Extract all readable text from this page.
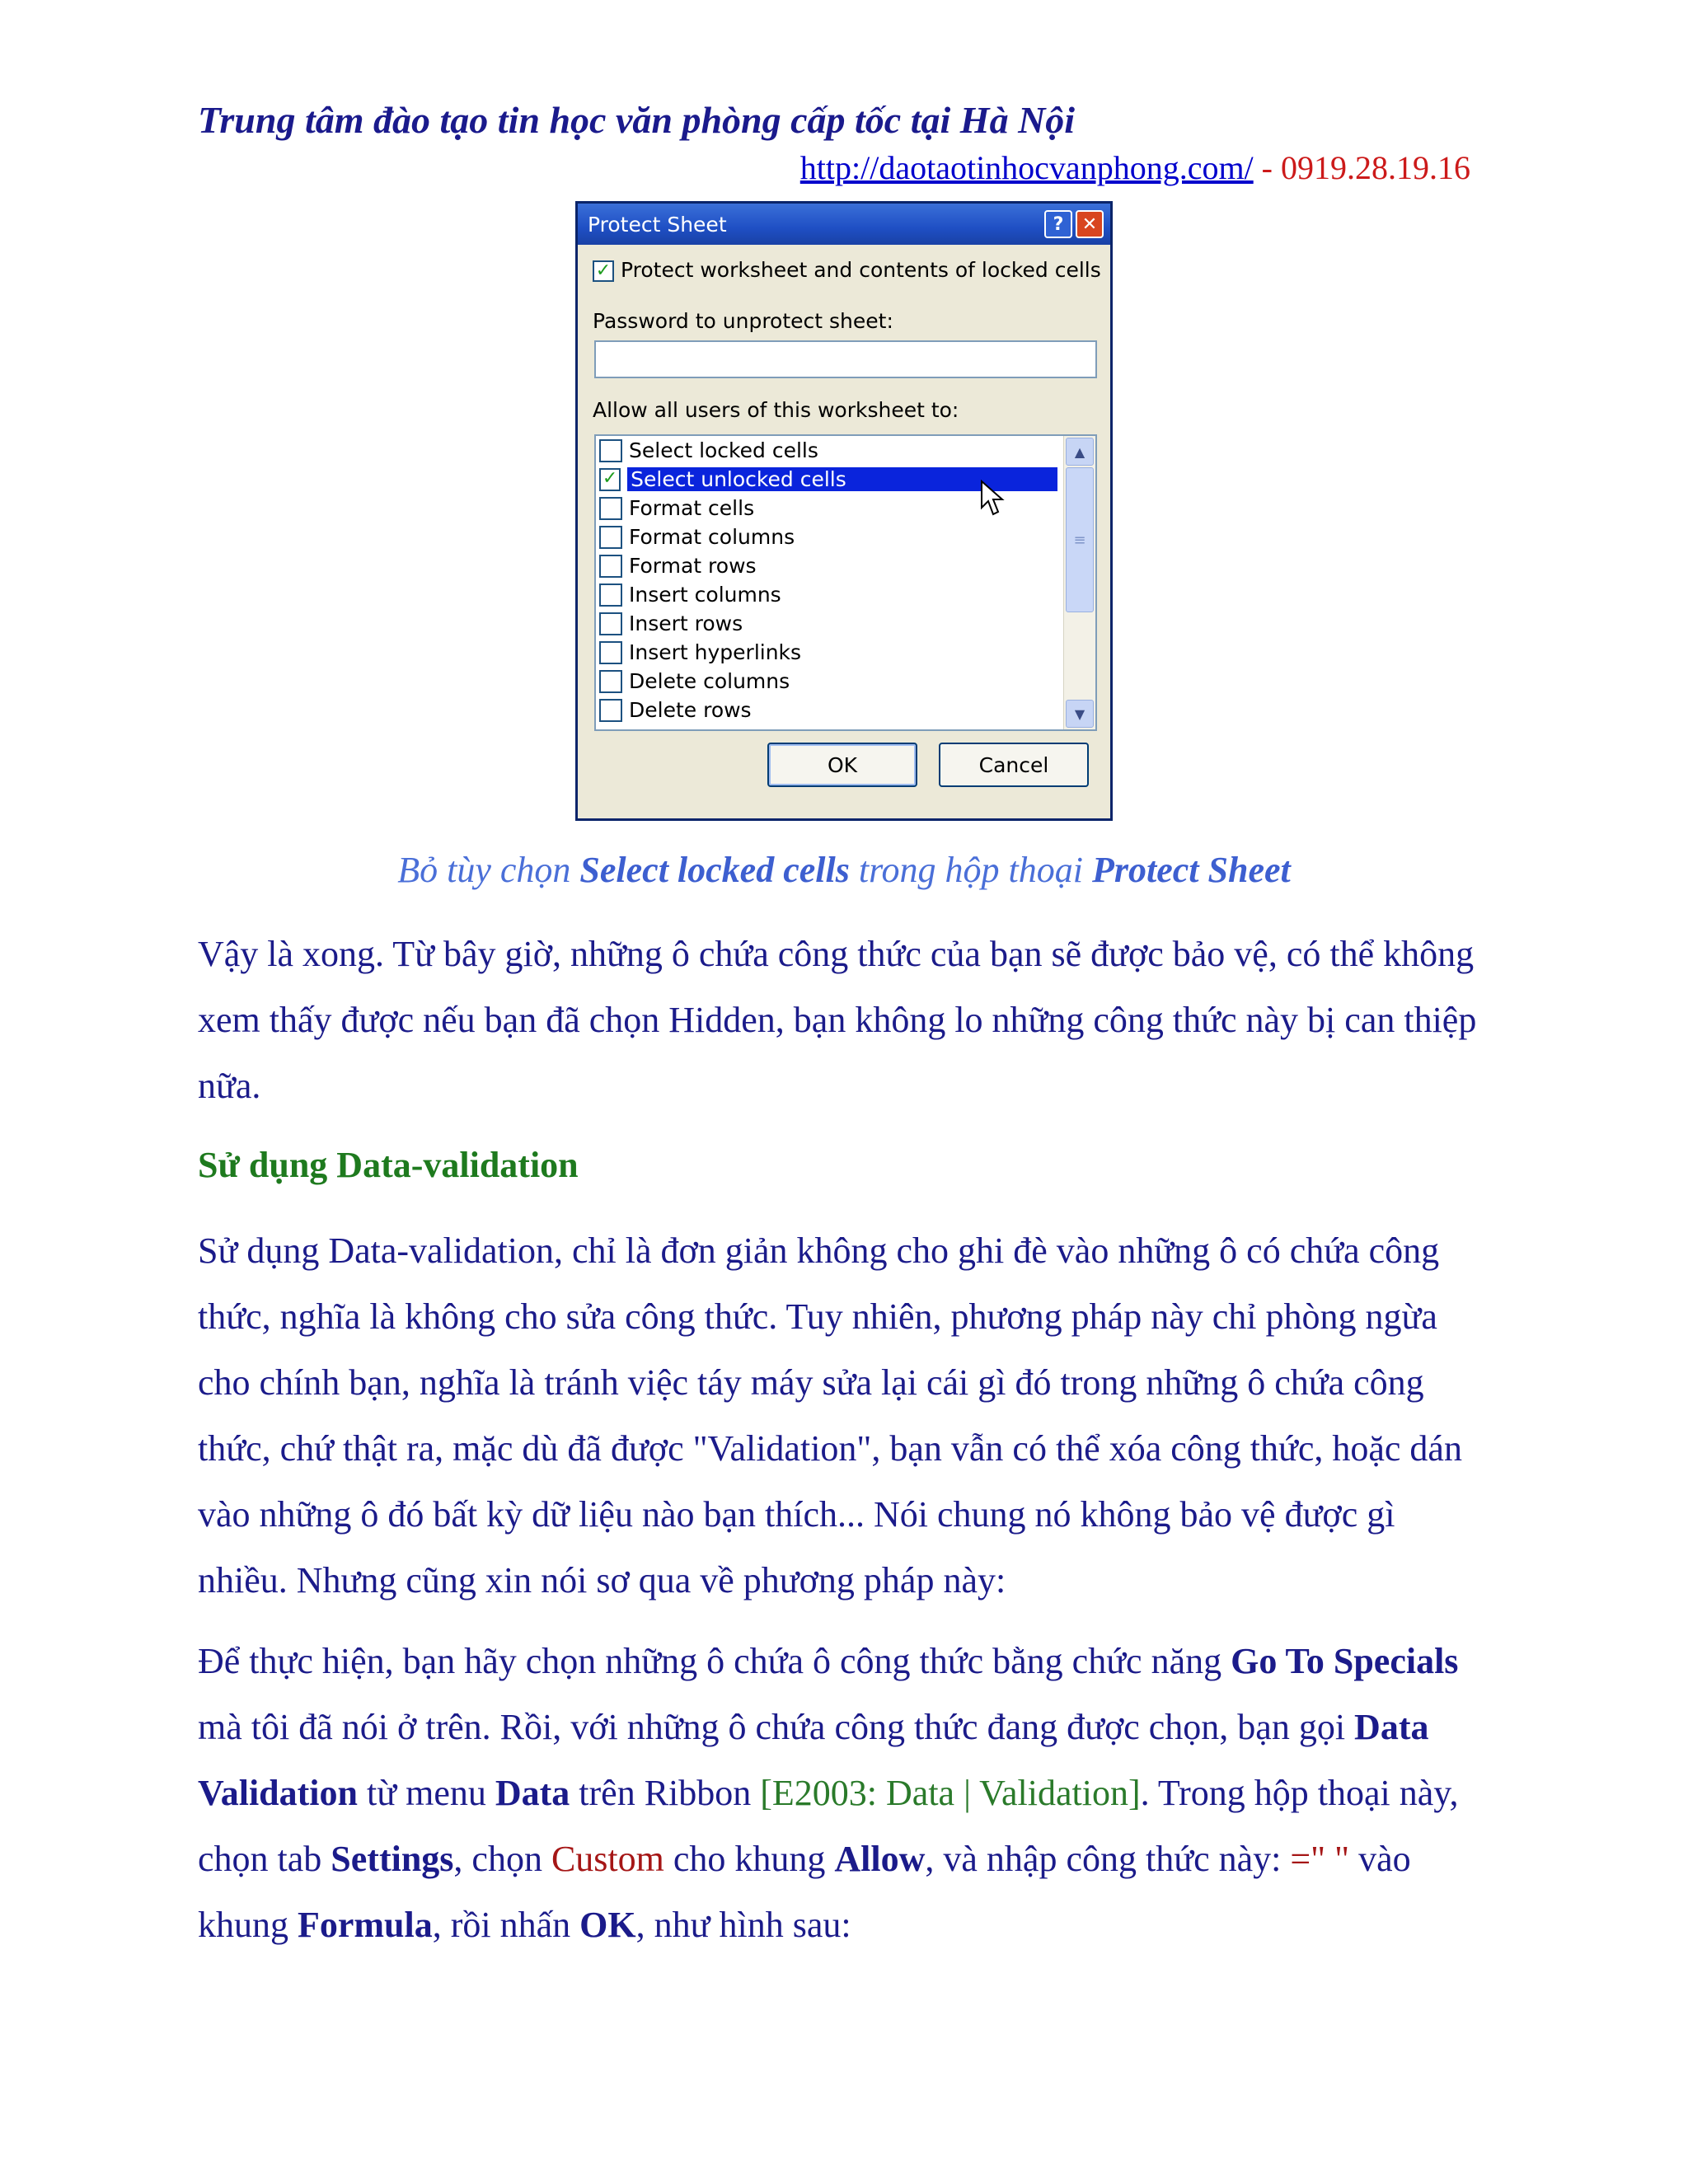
Trung tâm đào tạo tin học văn phòng cấp tốc tại Hà Nội
http://daotaotinhocvanphong.com/ - 0919.28.19.16
Protect Sheet	?	✕
✓ Protect worksheet and contents of locked cells
Password to unprotect sheet:
Allow all users of this worksheet to:
Select locked cells
✓ Select unlocked cells
Format cells
Format columns
Format rows
Insert columns
Insert rows
Insert hyperlinks
Delete columns
Delete rows
▲
≡
▼
OK	Cancel

Bỏ tùy chọn Select locked cells trong hộp thoại Protect Sheet

Vậy là xong. Từ bây giờ, những ô chứa công thức của bạn sẽ được bảo vệ, có thể không xem thấy được nếu bạn đã chọn Hidden, bạn không lo những công thức này bị can thiệp nữa.

Sử dụng Data-validation

Sử dụng Data-validation, chỉ là đơn giản không cho ghi đè vào những ô có chứa công thức, nghĩa là không cho sửa công thức. Tuy nhiên, phương pháp này chỉ phòng ngừa cho chính bạn, nghĩa là tránh việc táy máy sửa lại cái gì đó trong những ô chứa công thức, chứ thật ra, mặc dù đã được "Validation", bạn vẫn có thể xóa công thức, hoặc dán vào những ô đó bất kỳ dữ liệu nào bạn thích... Nói chung nó không bảo vệ được gì nhiều. Nhưng cũng xin nói sơ qua về phương pháp này:

Để thực hiện, bạn hãy chọn những ô chứa ô công thức bằng chức năng Go To Specials mà tôi đã nói ở trên. Rồi, với những ô chứa công thức đang được chọn, bạn gọi Data Validation từ menu Data trên Ribbon [E2003: Data | Validation]. Trong hộp thoại này, chọn tab Settings, chọn Custom cho khung Allow, và nhập công thức này: =" " vào khung Formula, rồi nhấn OK, như hình sau:
